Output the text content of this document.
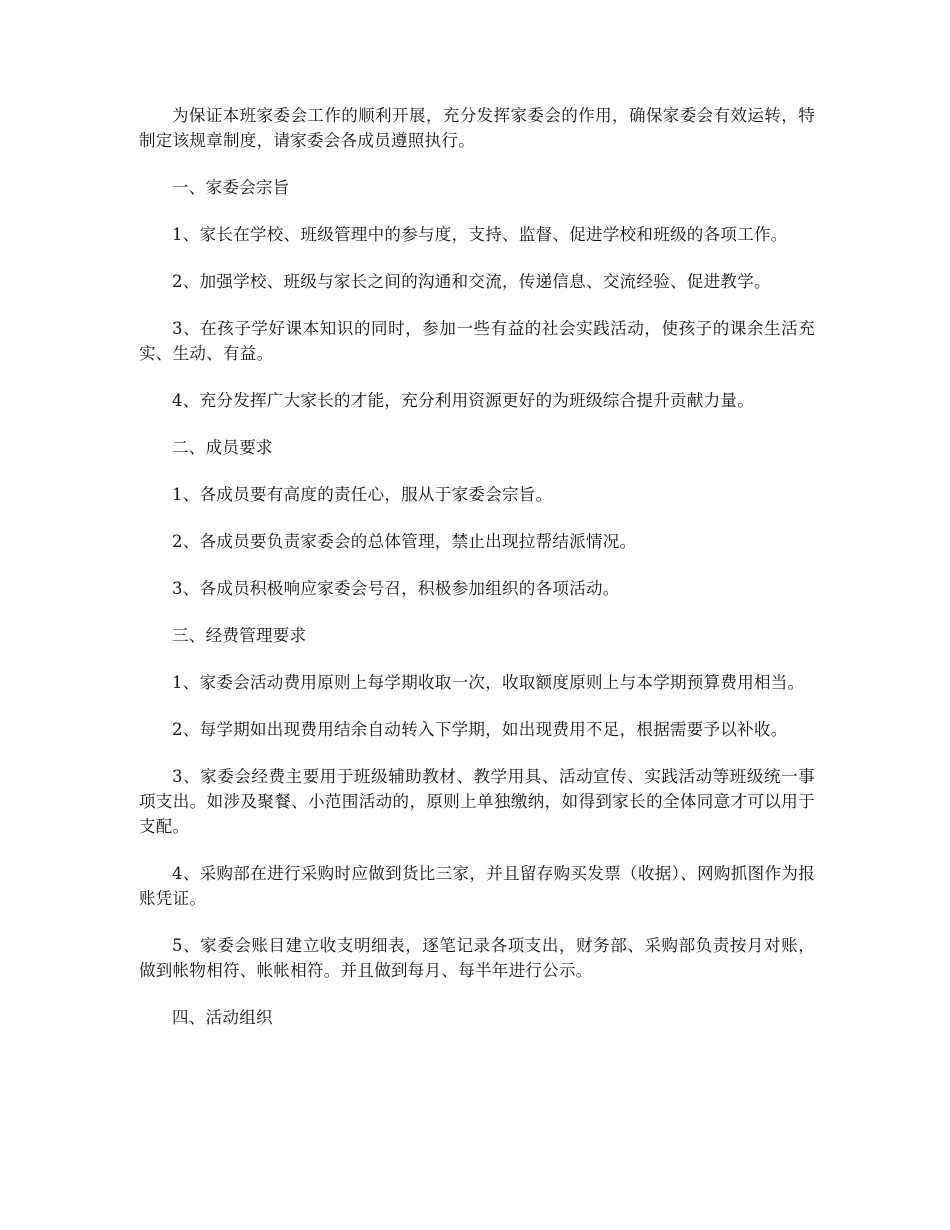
为保证本班家委会工作的顺利开展，充分发挥家委会的作用，确保家委会有效运转，特制定该规章制度，请家委会各成员遵照执行。

一、家委会宗旨

1、家长在学校、班级管理中的参与度，支持、监督、促进学校和班级的各项工作。

2、加强学校、班级与家长之间的沟通和交流，传递信息、交流经验、促进教学。

3、在孩子学好课本知识的同时，参加一些有益的社会实践活动，使孩子的课余生活充实、生动、有益。

4、充分发挥广大家长的才能，充分利用资源更好的为班级综合提升贡献力量。

二、成员要求

1、各成员要有高度的责任心，服从于家委会宗旨。

2、各成员要负责家委会的总体管理，禁止出现拉帮结派情况。

3、各成员积极响应家委会号召，积极参加组织的各项活动。

三、经费管理要求

1、家委会活动费用原则上每学期收取一次，收取额度原则上与本学期预算费用相当。

2、每学期如出现费用结余自动转入下学期，如出现费用不足，根据需要予以补收。

3、家委会经费主要用于班级辅助教材、教学用具、活动宣传、实践活动等班级统一事项支出。如涉及聚餐、小范围活动的，原则上单独缴纳，如得到家长的全体同意才可以用于支配。

4、采购部在进行采购时应做到货比三家，并且留存购买发票（收据）、网购抓图作为报账凭证。

5、家委会账目建立收支明细表，逐笔记录各项支出，财务部、采购部负责按月对账，做到帐物相符、帐帐相符。并且做到每月、每半年进行公示。

四、活动组织
